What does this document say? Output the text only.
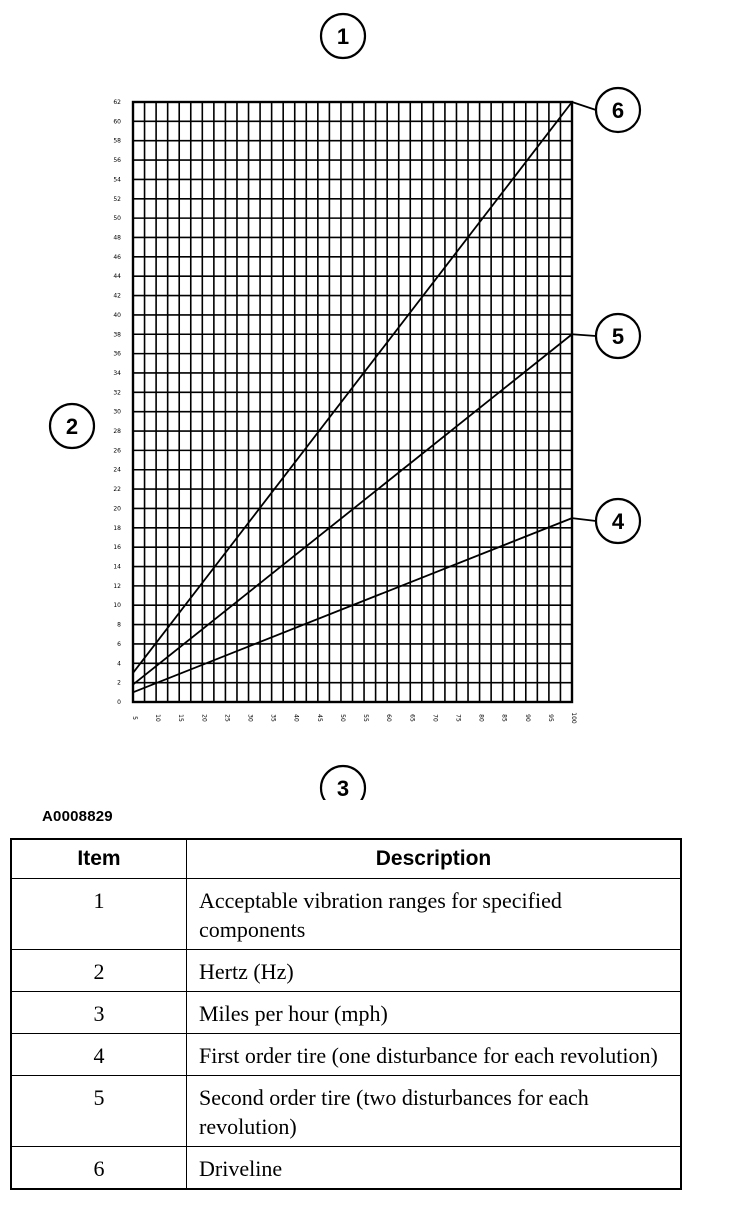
0
2
4
6
8
10
12
14
16
18
20
22
24
26
28
30
32
34
36
38
40
42
44
46
48
50
52
54
56
58
60
62
5	10	15	20	25	30	35	40	45	50	55	60	65	70	75	80	85	90	95	100
1
2
3
4
5
6
A0008829
Item	Description
1	Acceptable vibration ranges for specified components
2	Hertz (Hz)
3	Miles per hour (mph)
4	First order tire (one disturbance for each revolution)
5	Second order tire (two disturbances for each revolution)
6	Driveline
